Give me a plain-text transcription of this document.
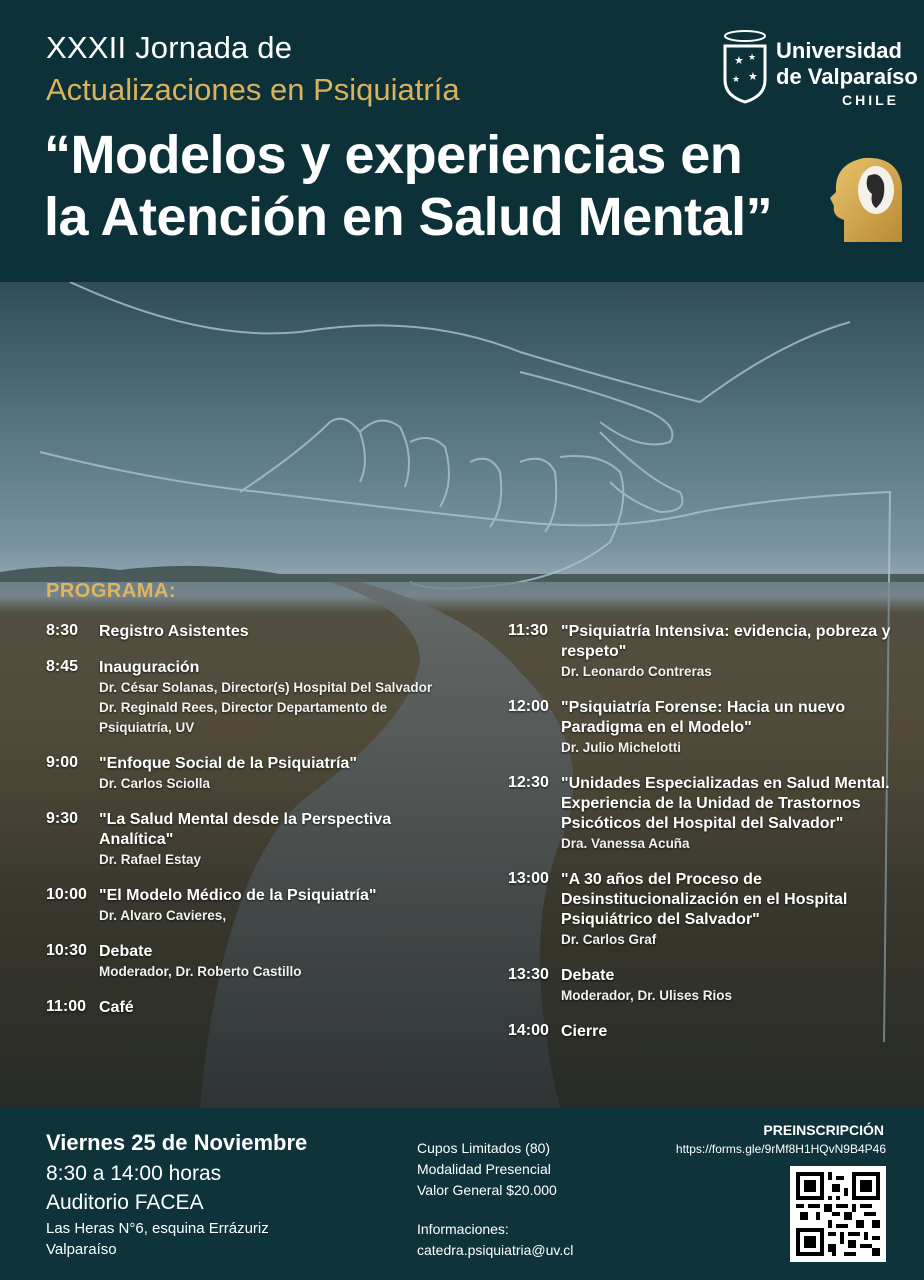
XXXII Jornada de
Actualizaciones en Psiquiatría
“Modelos y experiencias en
la Atención en Salud Mental”
★ ★
★ ★
Universidad
de Valparaíso
CHILE
PROGRAMA:
8:30	Registro Asistentes
8:45	Inauguración
Dr. César Solanas, Director(s) Hospital Del Salvador
Dr. Reginald Rees, Director Departamento de Psiquiatría, UV
9:00	"Enfoque Social de la Psiquiatría"
Dr. Carlos Sciolla
9:30	"La Salud Mental desde la Perspectiva Analítica"
Dr. Rafael Estay
10:00 "El Modelo Médico de la Psiquiatría"
Dr. Alvaro Cavieres,
10:30 Debate
Moderador, Dr. Roberto Castillo
11:00 Café
11:30 "Psiquiatría Intensiva: evidencia, pobreza y respeto"
Dr. Leonardo Contreras
12:00 "Psiquiatría Forense: Hacia un nuevo Paradigma en el Modelo"
Dr. Julio Michelotti
12:30 "Unidades Especializadas en Salud Mental. Experiencia de la Unidad de Trastornos Psicóticos del Hospital del Salvador"
Dra. Vanessa Acuña
13:00 "A 30 años del Proceso de Desinstitucionalización en el Hospital Psiquiátrico del Salvador"
Dr. Carlos Graf
13:30 Debate
Moderador, Dr. Ulises Rios
14:00 Cierre
Viernes 25 de Noviembre
8:30 a 14:00 horas
Auditorio FACEA
Las Heras N°6, esquina Errázuriz
Valparaíso
Cupos Limitados (80)
Modalidad Presencial
Valor General $20.000
Informaciones:
catedra.psiquiatria@uv.cl
PREINSCRIPCIÓN
https://forms.gle/9rMf8H1HQvN9B4P46
